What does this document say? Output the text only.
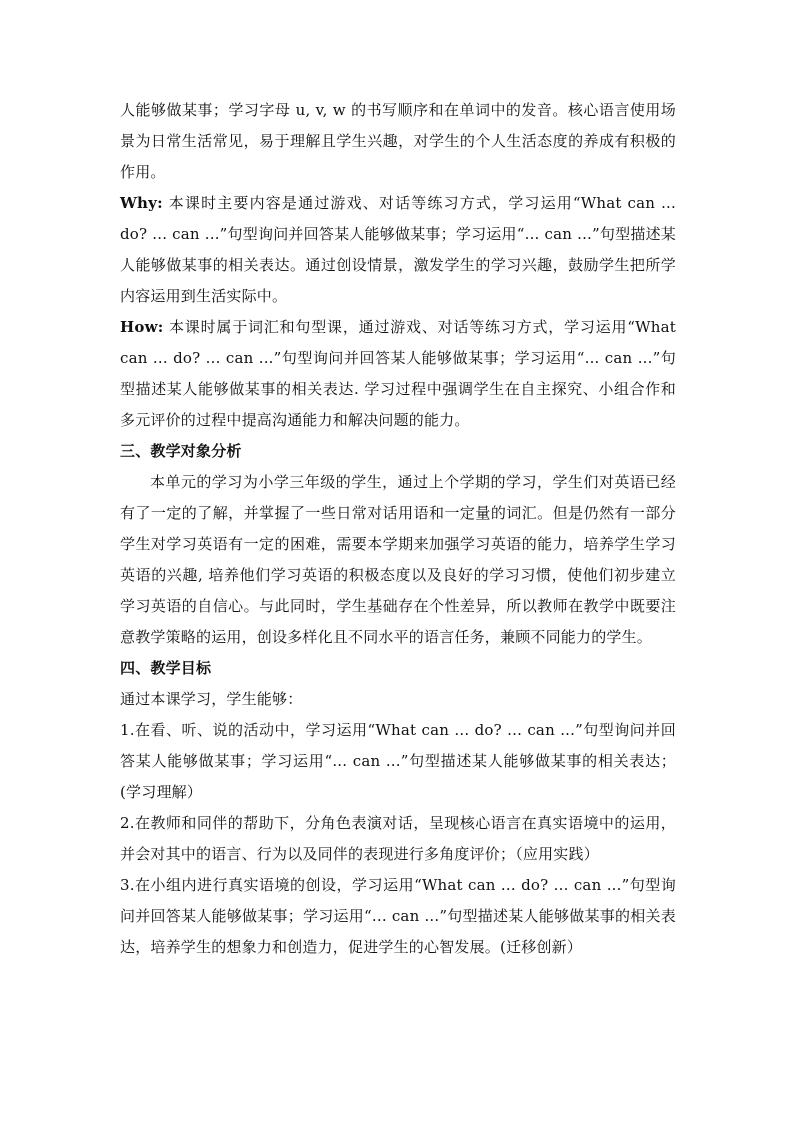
人能够做某事；学习字母 u, v, w 的书写顺序和在单词中的发音。核心语言使用场景为日常生活常见，易于理解且学生兴趣，对学生的个人生活态度的养成有积极的作用。

Why: 本课时主要内容是通过游戏、对话等练习方式，学习运用“What can ... do? ... can ...”句型询问并回答某人能够做某事；学习运用“... can ...”句型描述某人能够做某事的相关表达。通过创设情景，激发学生的学习兴趣，鼓励学生把所学内容运用到生活实际中。

How: 本课时属于词汇和句型课，通过游戏、对话等练习方式，学习运用“What can ... do? ... can ...”句型询问并回答某人能够做某事；学习运用“... can ...”句型描述某人能够做某事的相关表达. 学习过程中强调学生在自主探究、小组合作和多元评价的过程中提高沟通能力和解决问题的能力。

三、教学对象分析

本单元的学习为小学三年级的学生，通过上个学期的学习，学生们对英语已经有了一定的了解，并掌握了一些日常对话用语和一定量的词汇。但是仍然有一部分学生对学习英语有一定的困难，需要本学期来加强学习英语的能力，培养学生学习英语的兴趣, 培养他们学习英语的积极态度以及良好的学习习惯，使他们初步建立学习英语的自信心。与此同时，学生基础存在个性差异，所以教师在教学中既要注意教学策略的运用，创设多样化且不同水平的语言任务，兼顾不同能力的学生。

四、教学目标

通过本课学习，学生能够：

1.在看、听、说的活动中，学习运用“What can ... do? ... can ...”句型询问并回答某人能够做某事；学习运用“... can ...”句型描述某人能够做某事的相关表达；(学习理解）

2.在教师和同伴的帮助下，分角色表演对话，呈现核心语言在真实语境中的运用，并会对其中的语言、行为以及同伴的表现进行多角度评价；（应用实践）

3.在小组内进行真实语境的创设，学习运用“What can ... do? ... can ...”句型询问并回答某人能够做某事；学习运用“... can ...”句型描述某人能够做某事的相关表达，培养学生的想象力和创造力，促进学生的心智发展。(迁移创新）
